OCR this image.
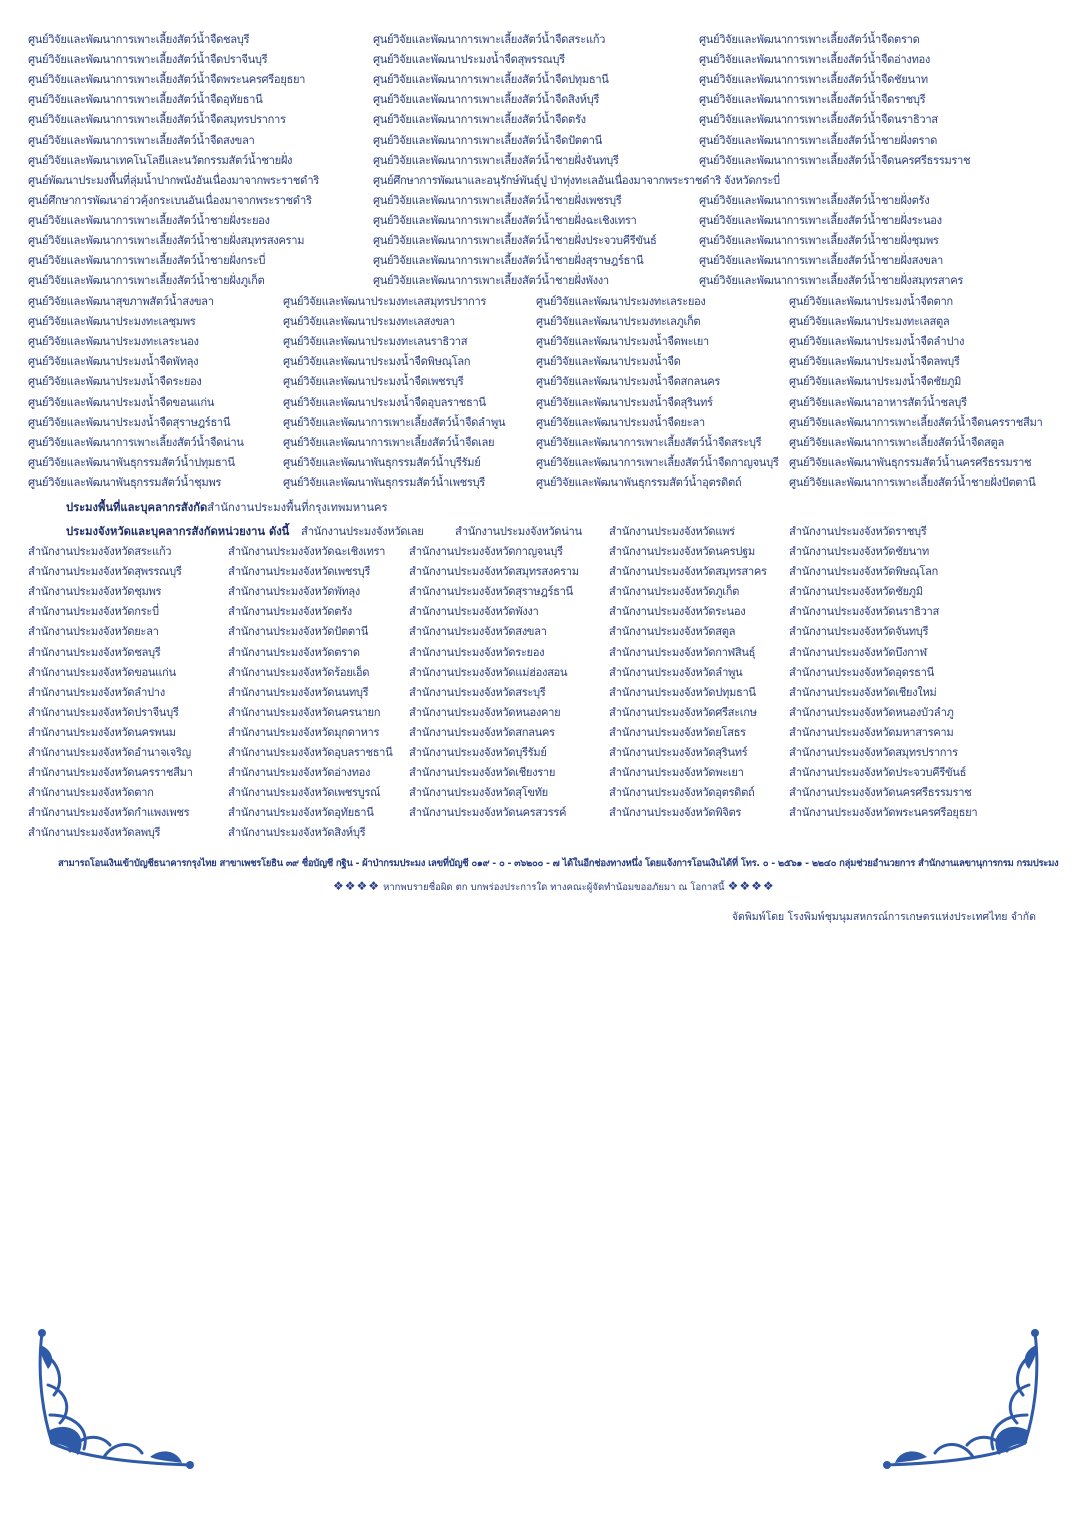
ศูนย์วิจัยและพัฒนาการเพาะเลี้ยงสัตว์น้ำจืดชลบุรี	ศูนย์วิจัยและพัฒนาการเพาะเลี้ยงสัตว์น้ำจืดสระแก้ว	ศูนย์วิจัยและพัฒนาการเพาะเลี้ยงสัตว์น้ำจืดตราด
ศูนย์วิจัยและพัฒนาการเพาะเลี้ยงสัตว์น้ำจืดปราจีนบุรี	ศูนย์วิจัยและพัฒนาประมงน้ำจืดสุพรรณบุรี	ศูนย์วิจัยและพัฒนาการเพาะเลี้ยงสัตว์น้ำจืดอ่างทอง
ศูนย์วิจัยและพัฒนาการเพาะเลี้ยงสัตว์น้ำจืดพระนครศรีอยุธยา	ศูนย์วิจัยและพัฒนาการเพาะเลี้ยงสัตว์น้ำจืดปทุมธานี	ศูนย์วิจัยและพัฒนาการเพาะเลี้ยงสัตว์น้ำจืดชัยนาท
ศูนย์วิจัยและพัฒนาการเพาะเลี้ยงสัตว์น้ำจืดอุทัยธานี	ศูนย์วิจัยและพัฒนาการเพาะเลี้ยงสัตว์น้ำจืดสิงห์บุรี	ศูนย์วิจัยและพัฒนาการเพาะเลี้ยงสัตว์น้ำจืดราชบุรี
ศูนย์วิจัยและพัฒนาการเพาะเลี้ยงสัตว์น้ำจืดสมุทรปราการ	ศูนย์วิจัยและพัฒนาการเพาะเลี้ยงสัตว์น้ำจืดตรัง	ศูนย์วิจัยและพัฒนาการเพาะเลี้ยงสัตว์น้ำจืดนราธิวาส
ศูนย์วิจัยและพัฒนาการเพาะเลี้ยงสัตว์น้ำจืดสงขลา	ศูนย์วิจัยและพัฒนาการเพาะเลี้ยงสัตว์น้ำจืดปัตตานี	ศูนย์วิจัยและพัฒนาการเพาะเลี้ยงสัตว์น้ำชายฝั่งตราด
ศูนย์วิจัยและพัฒนาเทคโนโลยีและนวัตกรรมสัตว์น้ำชายฝั่ง	ศูนย์วิจัยและพัฒนาการเพาะเลี้ยงสัตว์น้ำชายฝั่งจันทบุรี	ศูนย์วิจัยและพัฒนาการเพาะเลี้ยงสัตว์น้ำจืดนครศรีธรรมราช
ศูนย์พัฒนาประมงพื้นที่ลุ่มน้ำปากพนังอันเนื่องมาจากพระราชดำริ	ศูนย์ศึกษาการพัฒนาและอนุรักษ์พันธุ์ปู ป่าทุ่งทะเลอันเนื่องมาจากพระราชดำริ จังหวัดกระบี่
ศูนย์ศึกษาการพัฒนาอ่าวคุ้งกระเบนอันเนื่องมาจากพระราชดำริ	ศูนย์วิจัยและพัฒนาการเพาะเลี้ยงสัตว์น้ำชายฝั่งเพชรบุรี	ศูนย์วิจัยและพัฒนาการเพาะเลี้ยงสัตว์น้ำชายฝั่งตรัง
ศูนย์วิจัยและพัฒนาการเพาะเลี้ยงสัตว์น้ำชายฝั่งระยอง	ศูนย์วิจัยและพัฒนาการเพาะเลี้ยงสัตว์น้ำชายฝั่งฉะเชิงเทรา	ศูนย์วิจัยและพัฒนาการเพาะเลี้ยงสัตว์น้ำชายฝั่งระนอง
ศูนย์วิจัยและพัฒนาการเพาะเลี้ยงสัตว์น้ำชายฝั่งสมุทรสงคราม	ศูนย์วิจัยและพัฒนาการเพาะเลี้ยงสัตว์น้ำชายฝั่งประจวบคีรีขันธ์	ศูนย์วิจัยและพัฒนาการเพาะเลี้ยงสัตว์น้ำชายฝั่งชุมพร
ศูนย์วิจัยและพัฒนาการเพาะเลี้ยงสัตว์น้ำชายฝั่งกระบี่	ศูนย์วิจัยและพัฒนาการเพาะเลี้ยงสัตว์น้ำชายฝั่งสุราษฎร์ธานี	ศูนย์วิจัยและพัฒนาการเพาะเลี้ยงสัตว์น้ำชายฝั่งสงขลา
ศูนย์วิจัยและพัฒนาการเพาะเลี้ยงสัตว์น้ำชายฝั่งภูเก็ต	ศูนย์วิจัยและพัฒนาการเพาะเลี้ยงสัตว์น้ำชายฝั่งพังงา	ศูนย์วิจัยและพัฒนาการเพาะเลี้ยงสัตว์น้ำชายฝั่งสมุทรสาคร
ศูนย์วิจัยและพัฒนาสุขภาพสัตว์น้ำสงขลา	ศูนย์วิจัยและพัฒนาประมงทะเลสมุทรปราการ	ศูนย์วิจัยและพัฒนาประมงทะเลระยอง	ศูนย์วิจัยและพัฒนาประมงน้ำจืดตาก
ศูนย์วิจัยและพัฒนาประมงทะเลชุมพร	ศูนย์วิจัยและพัฒนาประมงทะเลสงขลา	ศูนย์วิจัยและพัฒนาประมงทะเลภูเก็ต	ศูนย์วิจัยและพัฒนาประมงทะเลสตูล
ศูนย์วิจัยและพัฒนาประมงทะเลระนอง	ศูนย์วิจัยและพัฒนาประมงทะเลนราธิวาส	ศูนย์วิจัยและพัฒนาประมงน้ำจืดพะเยา	ศูนย์วิจัยและพัฒนาประมงน้ำจืดลำปาง
ศูนย์วิจัยและพัฒนาประมงน้ำจืดพัทลุง	ศูนย์วิจัยและพัฒนาประมงน้ำจืดพิษณุโลก	ศูนย์วิจัยและพัฒนาประมงน้ำจืด	ศูนย์วิจัยและพัฒนาประมงน้ำจืดลพบุรี
ศูนย์วิจัยและพัฒนาประมงน้ำจืดระยอง	ศูนย์วิจัยและพัฒนาประมงน้ำจืดเพชรบุรี	ศูนย์วิจัยและพัฒนาประมงน้ำจืดสกลนคร	ศูนย์วิจัยและพัฒนาประมงน้ำจืดชัยภูมิ
ศูนย์วิจัยและพัฒนาประมงน้ำจืดขอนแก่น	ศูนย์วิจัยและพัฒนาประมงน้ำจืดอุบลราชธานี	ศูนย์วิจัยและพัฒนาประมงน้ำจืดสุรินทร์	ศูนย์วิจัยและพัฒนาอาหารสัตว์น้ำชลบุรี
ศูนย์วิจัยและพัฒนาประมงน้ำจืดสุราษฎร์ธานี	ศูนย์วิจัยและพัฒนาการเพาะเลี้ยงสัตว์น้ำจืดลำพูน	ศูนย์วิจัยและพัฒนาประมงน้ำจืดยะลา	ศูนย์วิจัยและพัฒนาการเพาะเลี้ยงสัตว์น้ำจืดนครราชสีมา
ศูนย์วิจัยและพัฒนาการเพาะเลี้ยงสัตว์น้ำจืดน่าน	ศูนย์วิจัยและพัฒนาการเพาะเลี้ยงสัตว์น้ำจืดเลย	ศูนย์วิจัยและพัฒนาการเพาะเลี้ยงสัตว์น้ำจืดสระบุรี ศูนย์วิจัยและพัฒนาการเพาะเลี้ยงสัตว์น้ำจืดสตูล
ศูนย์วิจัยและพัฒนาพันธุกรรมสัตว์น้ำปทุมธานี	ศูนย์วิจัยและพัฒนาพันธุกรรมสัตว์น้ำบุรีรัมย์	ศูนย์วิจัยและพัฒนาการเพาะเลี้ยงสัตว์น้ำจืดกาญจนบุรี ศูนย์วิจัยและพัฒนาพันธุกรรมสัตว์น้ำนครศรีธรรมราช
ศูนย์วิจัยและพัฒนาพันธุกรรมสัตว์น้ำชุมพร	ศูนย์วิจัยและพัฒนาพันธุกรรมสัตว์น้ำเพชรบุรี	ศูนย์วิจัยและพัฒนาพันธุกรรมสัตว์น้ำอุตรดิตถ์	ศูนย์วิจัยและพัฒนาการเพาะเลี้ยงสัตว์น้ำชายฝั่งปัตตานี
ประมงพื้นที่และบุคลากรสังกัดสำนักงานประมงพื้นที่กรุงเทพมหานคร
ประมงจังหวัดและบุคลากรสังกัดหน่วยงาน ดังนี้ สำนักงานประมงจังหวัดเลย	สำนักงานประมงจังหวัดน่าน สำนักงานประมงจังหวัดแพร่	สำนักงานประมงจังหวัดราชบุรี
สำนักงานประมงจังหวัดสระแก้ว	สำนักงานประมงจังหวัดฉะเชิงเทรา สำนักงานประมงจังหวัดกาญจนบุรี	สำนักงานประมงจังหวัดนครปฐม	สำนักงานประมงจังหวัดชัยนาท
สำนักงานประมงจังหวัดสุพรรณบุรี	สำนักงานประมงจังหวัดเพชรบุรี	สำนักงานประมงจังหวัดสมุทรสงคราม	สำนักงานประมงจังหวัดสมุทรสาคร สำนักงานประมงจังหวัดพิษณุโลก
สำนักงานประมงจังหวัดชุมพร	สำนักงานประมงจังหวัดพัทลุง	สำนักงานประมงจังหวัดสุราษฎร์ธานี	สำนักงานประมงจังหวัดภูเก็ต	สำนักงานประมงจังหวัดชัยภูมิ
สำนักงานประมงจังหวัดกระบี่	สำนักงานประมงจังหวัดตรัง	สำนักงานประมงจังหวัดพังงา	สำนักงานประมงจังหวัดระนอง	สำนักงานประมงจังหวัดนราธิวาส
สำนักงานประมงจังหวัดยะลา	สำนักงานประมงจังหวัดปัตตานี	สำนักงานประมงจังหวัดสงขลา	สำนักงานประมงจังหวัดสตูล	สำนักงานประมงจังหวัดจันทบุรี
สำนักงานประมงจังหวัดชลบุรี	สำนักงานประมงจังหวัดตราด	สำนักงานประมงจังหวัดระยอง	สำนักงานประมงจังหวัดกาฬสินธุ์	สำนักงานประมงจังหวัดบึงกาฬ
สำนักงานประมงจังหวัดขอนแก่น	สำนักงานประมงจังหวัดร้อยเอ็ด	สำนักงานประมงจังหวัดแม่ฮ่องสอน	สำนักงานประมงจังหวัดลำพูน	สำนักงานประมงจังหวัดอุดรธานี
สำนักงานประมงจังหวัดลำปาง	สำนักงานประมงจังหวัดนนทบุรี	สำนักงานประมงจังหวัดสระบุรี	สำนักงานประมงจังหวัดปทุมธานี	สำนักงานประมงจังหวัดเชียงใหม่
สำนักงานประมงจังหวัดปราจีนบุรี	สำนักงานประมงจังหวัดนครนายก	สำนักงานประมงจังหวัดหนองคาย	สำนักงานประมงจังหวัดศรีสะเกษ	สำนักงานประมงจังหวัดหนองบัวลำภู
สำนักงานประมงจังหวัดนครพนม	สำนักงานประมงจังหวัดมุกดาหาร	สำนักงานประมงจังหวัดสกลนคร	สำนักงานประมงจังหวัดยโสธร	สำนักงานประมงจังหวัดมหาสารคาม
สำนักงานประมงจังหวัดอำนาจเจริญ	สำนักงานประมงจังหวัดอุบลราชธานี สำนักงานประมงจังหวัดบุรีรัมย์	สำนักงานประมงจังหวัดสุรินทร์	สำนักงานประมงจังหวัดสมุทรปราการ
สำนักงานประมงจังหวัดนครราชสีมา	สำนักงานประมงจังหวัดอ่างทอง	สำนักงานประมงจังหวัดเชียงราย	สำนักงานประมงจังหวัดพะเยา	สำนักงานประมงจังหวัดประจวบคีรีขันธ์
สำนักงานประมงจังหวัดตาก	สำนักงานประมงจังหวัดเพชรบูรณ์	สำนักงานประมงจังหวัดสุโขทัย	สำนักงานประมงจังหวัดอุตรดิตถ์	สำนักงานประมงจังหวัดนครศรีธรรมราช
สำนักงานประมงจังหวัดกำแพงเพชร	สำนักงานประมงจังหวัดอุทัยธานี	สำนักงานประมงจังหวัดนครสวรรค์	สำนักงานประมงจังหวัดพิจิตร	สำนักงานประมงจังหวัดพระนครศรีอยุธยา
สำนักงานประมงจังหวัดลพบุรี	สำนักงานประมงจังหวัดสิงห์บุรี
สามารถโอนเงินเข้าบัญชีธนาคารกรุงไทย สาขาเพชรโยธิน ๓๙ ชื่อบัญชี กฐิน - ผ้าป่ากรมประมง เลขที่บัญชี ๐๑๙ - ๐ - ๓๖๒๐๐ - ๗ ได้ในอีกช่องทางหนึ่ง โดยแจ้งการโอนเงินได้ที่ โทร. ๐ - ๒๕๖๑ - ๒๒๔๐ กลุ่มช่วยอำนวยการ สำนักงานเลขานุการกรม กรมประมง
❖❖❖❖ หากพบรายชื่อผิด ตก บกพร่องประการใด ทางคณะผู้จัดทำน้อมขออภัยมา ณ โอกาสนี้ ❖❖❖❖
จัดพิมพ์โดย โรงพิมพ์ชุมนุมสหกรณ์การเกษตรแห่งประเทศไทย จำกัด
